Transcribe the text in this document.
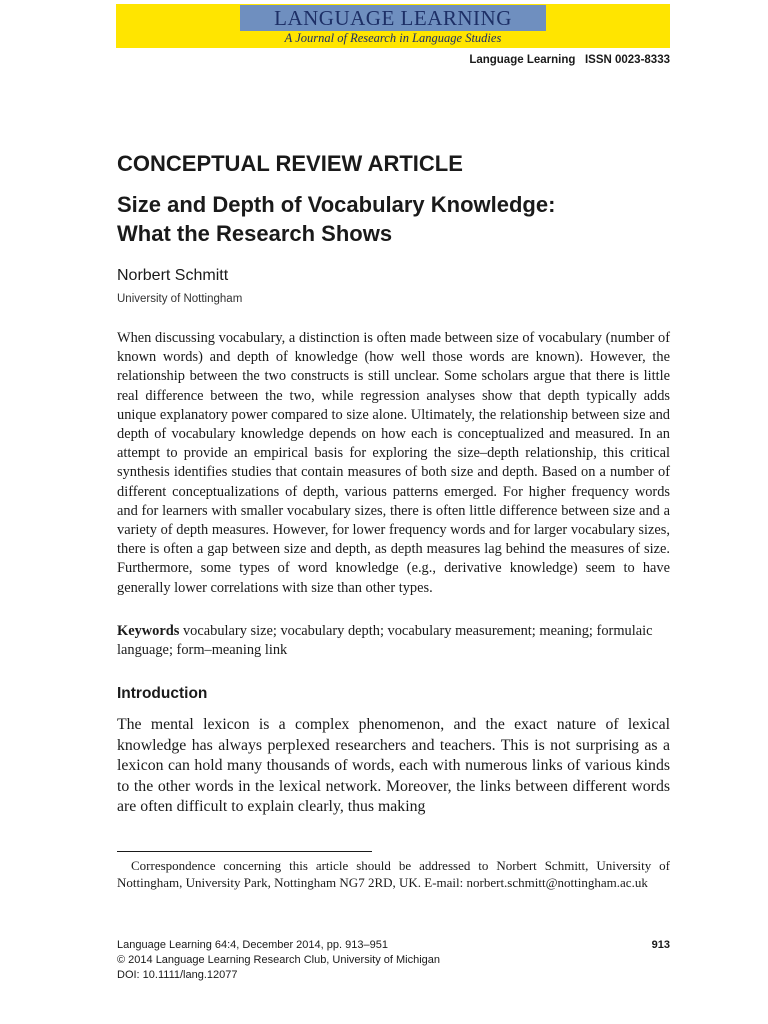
LANGUAGE LEARNING
A Journal of Research in Language Studies
Language Learning   ISSN 0023-8333
CONCEPTUAL REVIEW ARTICLE
Size and Depth of Vocabulary Knowledge:
What the Research Shows
Norbert Schmitt
University of Nottingham
When discussing vocabulary, a distinction is often made between size of vocabulary (number of known words) and depth of knowledge (how well those words are known). However, the relationship between the two constructs is still unclear. Some scholars argue that there is little real difference between the two, while regression analyses show that depth typically adds unique explanatory power compared to size alone. Ultimately, the relationship between size and depth of vocabulary knowledge depends on how each is conceptualized and measured. In an attempt to provide an empirical basis for exploring the size–depth relationship, this critical synthesis identifies studies that contain measures of both size and depth. Based on a number of different conceptualizations of depth, various patterns emerged. For higher frequency words and for learners with smaller vocabulary sizes, there is often little difference between size and a variety of depth measures. However, for lower frequency words and for larger vocabulary sizes, there is often a gap between size and depth, as depth measures lag behind the measures of size. Furthermore, some types of word knowledge (e.g., derivative knowledge) seem to have generally lower correlations with size than other types.
Keywords vocabulary size; vocabulary depth; vocabulary measurement; meaning; formulaic language; form–meaning link
Introduction
The mental lexicon is a complex phenomenon, and the exact nature of lexical knowledge has always perplexed researchers and teachers. This is not surprising as a lexicon can hold many thousands of words, each with numerous links of various kinds to the other words in the lexical network. Moreover, the links between different words are often difficult to explain clearly, thus making
Correspondence concerning this article should be addressed to Norbert Schmitt, University of Nottingham, University Park, Nottingham NG7 2RD, UK. E-mail: norbert.schmitt@nottingham.ac.uk
Language Learning 64:4, December 2014, pp. 913–951	913
© 2014 Language Learning Research Club, University of Michigan
DOI: 10.1111/lang.12077
